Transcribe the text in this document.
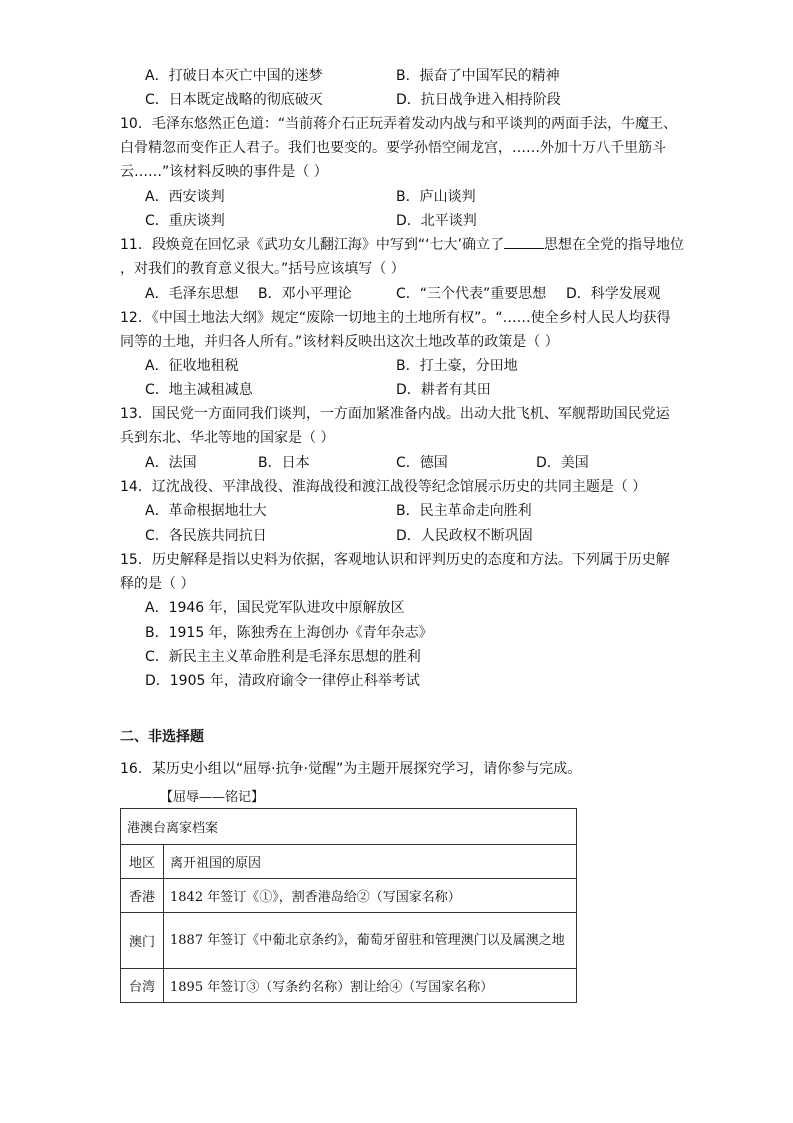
A．打破日本灭亡中国的迷梦	B．振奋了中国军民的精神
C．日本既定战略的彻底破灭	D．抗日战争进入相持阶段
10．毛泽东悠然正色道：“当前蒋介石正玩弄着发动内战与和平谈判的两面手法，牛魔王、
白骨精忽而变作正人君子。我们也要变的。要学孙悟空闹龙宫，……外加十万八千里筋斗
云……”该材料反映的事件是（ ）
A．西安谈判	B．庐山谈判
C．重庆谈判	D．北平谈判
11．段焕竟在回忆录《武功女儿翻江海》中写到“‘七大’确立了	思想在全党的指导地位
，对我们的教育意义很大。”括号应该填写（ ）
A．毛泽东思想 B．邓小平理论	C．“三个代表”重要思想 D．科学发展观
12．《中国土地法大纲》规定“废除一切地主的土地所有权”。“……使全乡村人民人均获得
同等的土地，并归各人所有。”该材料反映出这次土地改革的政策是（ ）
A．征收地租税	B．打土豪，分田地
C．地主减租减息	D．耕者有其田
13．国民党一方面同我们谈判，一方面加紧准备内战。出动大批飞机、军舰帮助国民党运
兵到东北、华北等地的国家是（ ）
A．法国	B．日本	C．德国	D．美国
14．辽沈战役、平津战役、淮海战役和渡江战役等纪念馆展示历史的共同主题是（ ）
A．革命根据地壮大	B．民主革命走向胜利
C．各民族共同抗日	D．人民政权不断巩固
15．历史解释是指以史料为依据，客观地认识和评判历史的态度和方法。下列属于历史解
释的是（ ）
A．1946 年，国民党军队进攻中原解放区
B．1915 年，陈独秀在上海创办《青年杂志》
C．新民主主义革命胜利是毛泽东思想的胜利
D．1905 年，清政府谕令一律停止科举考试
二、非选择题
16．某历史小组以“屈辱·抗争·觉醒”为主题开展探究学习，请你参与完成。
【屈辱——铭记】
港澳台离家档案	
地区	离开祖国的原因
香港	1842 年签订《①》，割香港岛给②（写国家名称）
澳门	1887 年签订《中葡北京条约》，葡萄牙留驻和管理澳门以及属澳之地
台湾	1895 年签订③（写条约名称）割让给④（写国家名称）
